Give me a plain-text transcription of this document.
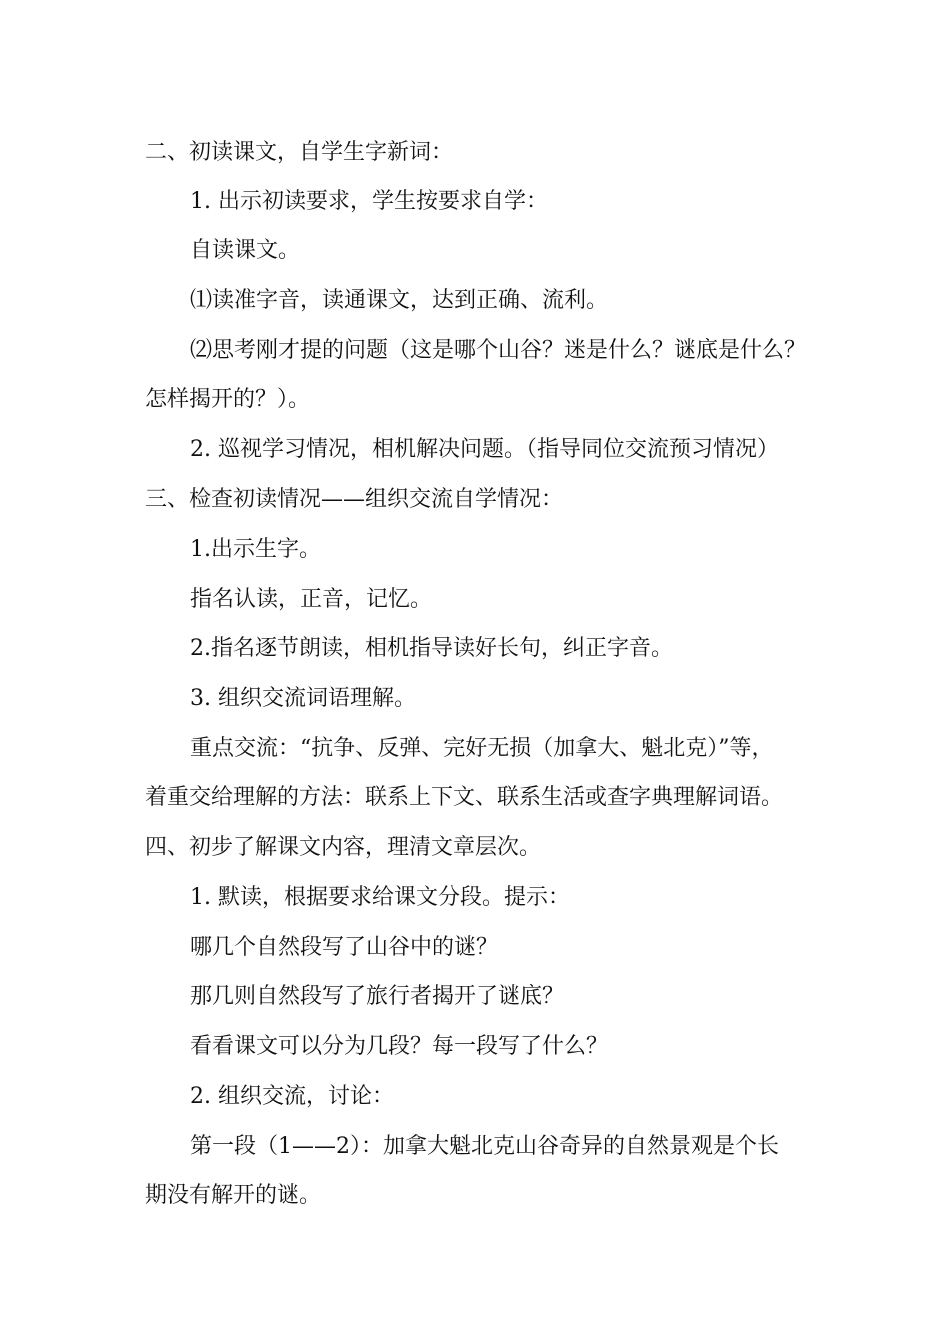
二、初读课文，自学生字新词：

1. 出示初读要求，学生按要求自学：

自读课文。

⑴读准字音，读通课文，达到正确、流利。

⑵思考刚才提的问题（这是哪个山谷？迷是什么？谜底是什么？

怎样揭开的？）。

2. 巡视学习情况，相机解决问题。（指导同位交流预习情况）

三、检查初读情况——组织交流自学情况：

1.出示生字。

指名认读，正音，记忆。

2.指名逐节朗读，相机指导读好长句，纠正字音。

3. 组织交流词语理解。

重点交流：“抗争、反弹、完好无损（加拿大、魁北克）”等，

着重交给理解的方法：联系上下文、联系生活或查字典理解词语。

四、初步了解课文内容，理清文章层次。

1. 默读，根据要求给课文分段。提示：

哪几个自然段写了山谷中的谜？

那几则自然段写了旅行者揭开了谜底？

看看课文可以分为几段？每一段写了什么？

2. 组织交流，讨论：

第一段（1——2）：加拿大魁北克山谷奇异的自然景观是个长

期没有解开的谜。
